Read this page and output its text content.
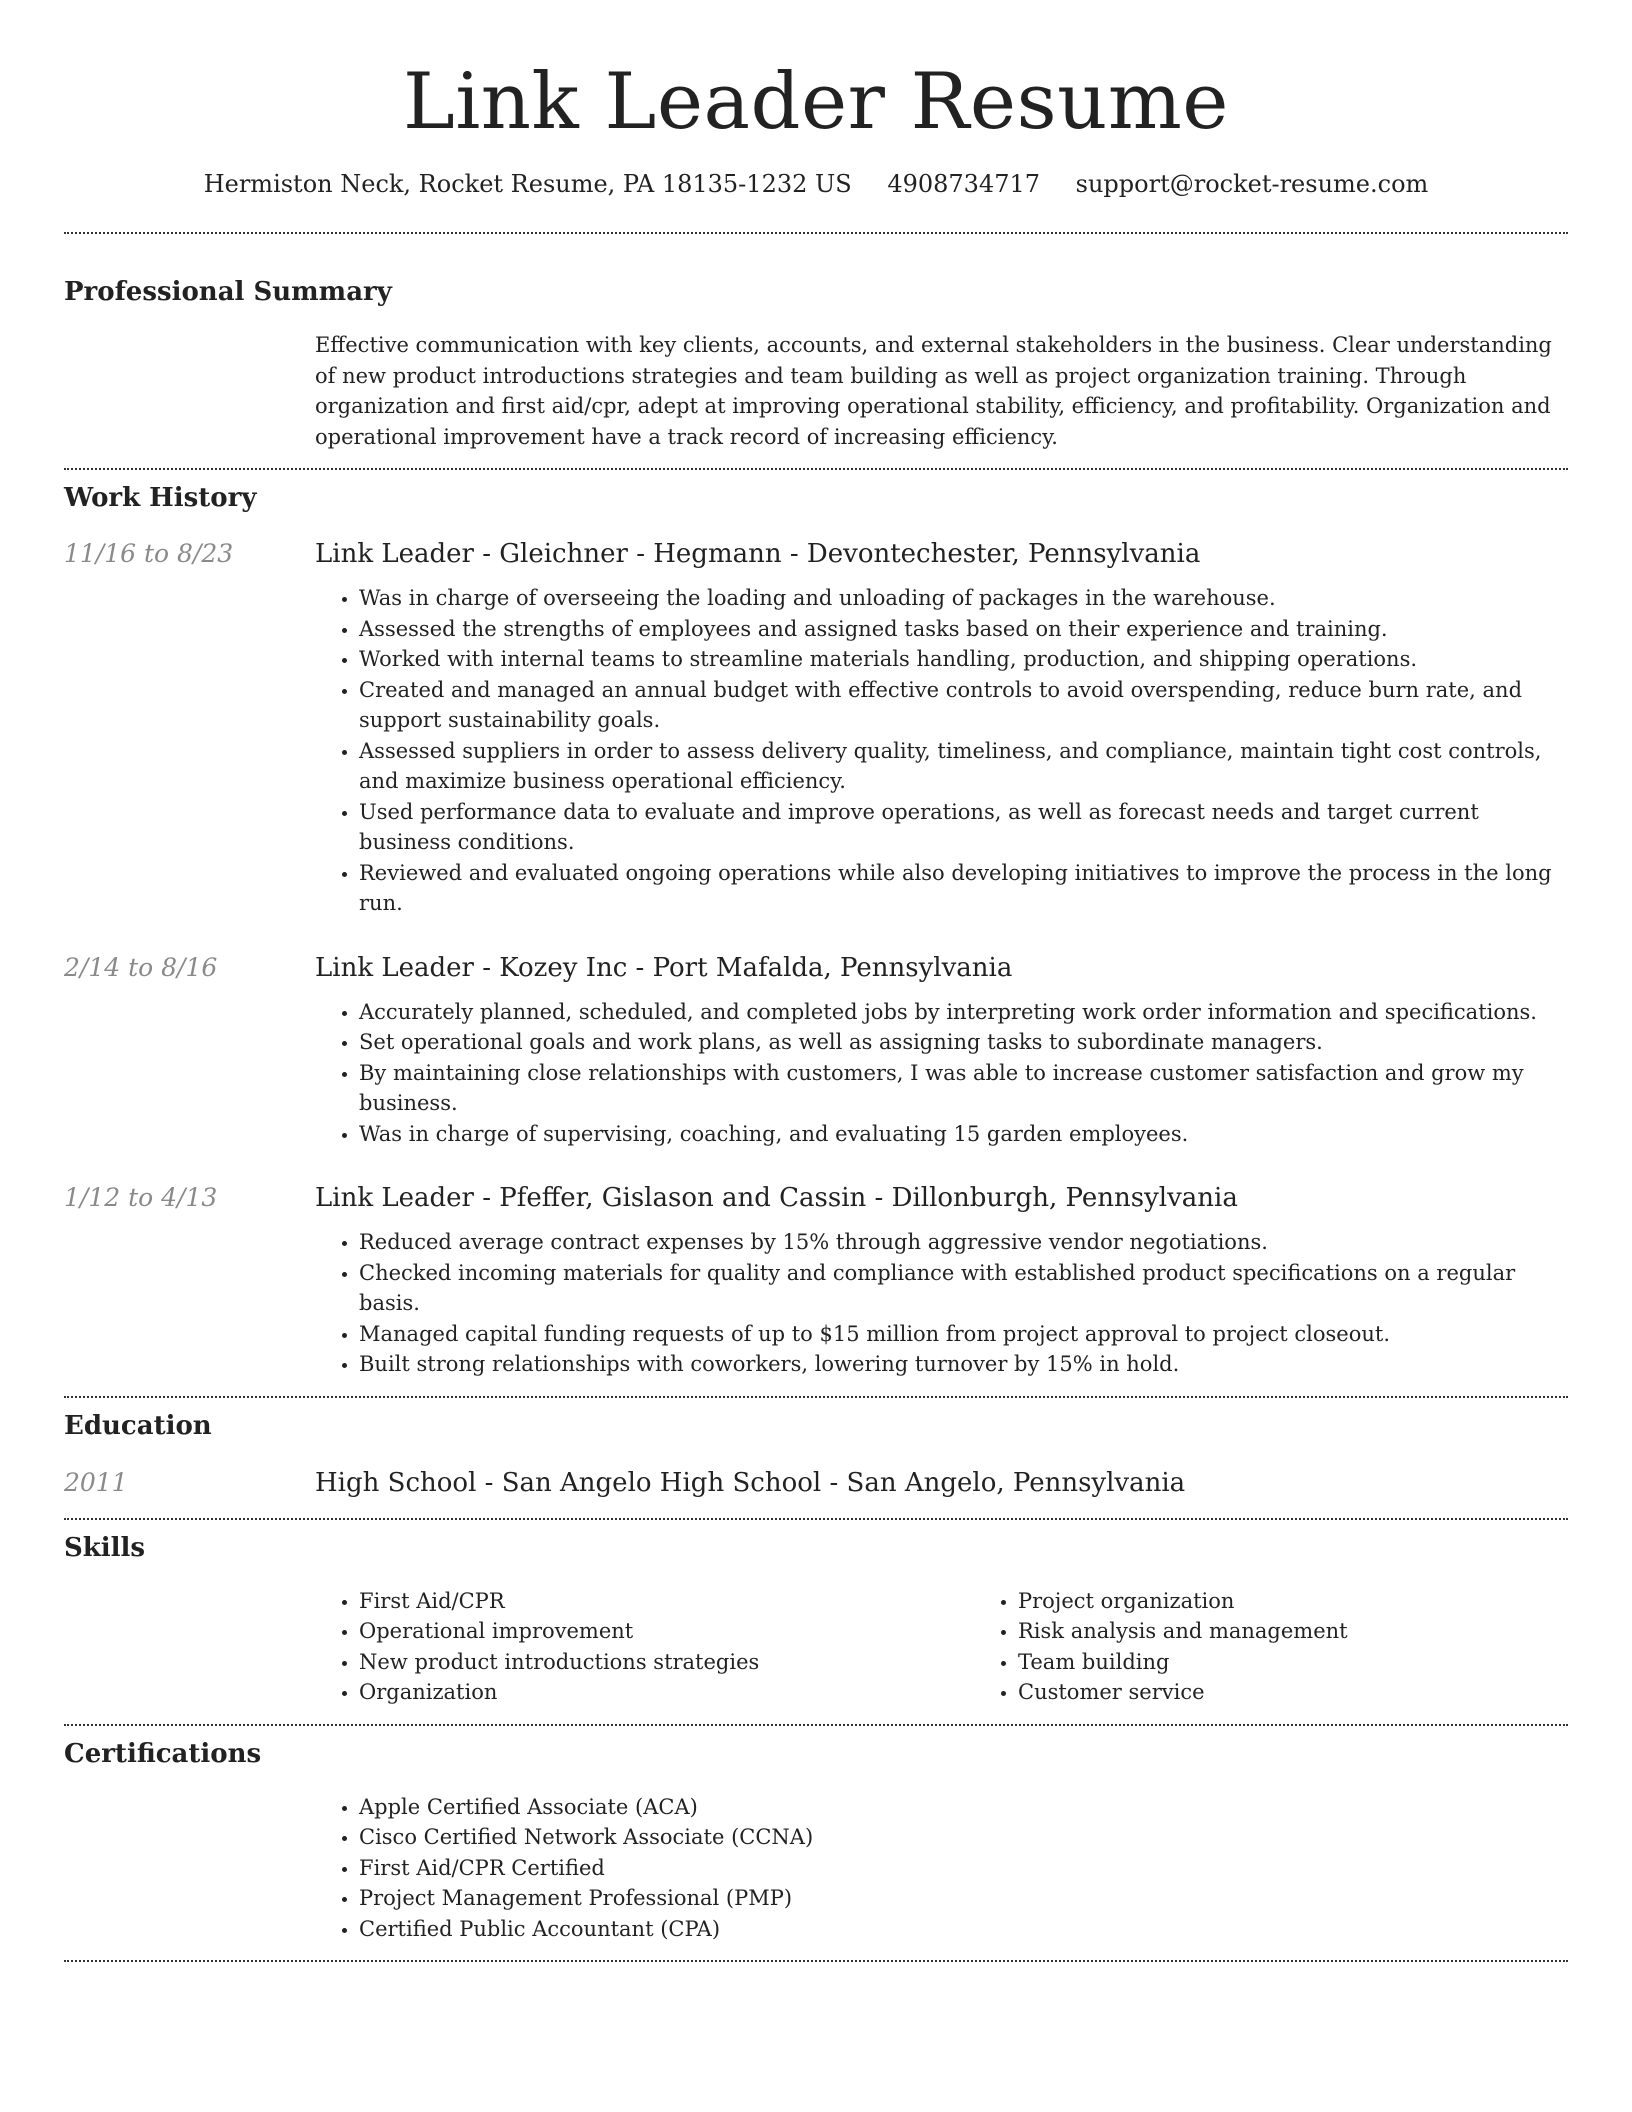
Link Leader Resume
Hermiston Neck, Rocket Resume, PA 18135-1232 US 4908734717 support@rocket-resume.com
Professional Summary

Effective communication with key clients, accounts, and external stakeholders in the business. Clear understanding of new product introductions strategies and team building as well as project organization training. Through organization and first aid/cpr, adept at improving operational stability, efficiency, and profitability. Organization and operational improvement have a track record of increasing efficiency.

Work History
11/16 to 8/23	Link Leader - Gleichner - Hegmann - Devontechester, Pennsylvania
• Was in charge of overseeing the loading and unloading of packages in the warehouse.
• Assessed the strengths of employees and assigned tasks based on their experience and training.
• Worked with internal teams to streamline materials handling, production, and shipping operations.
• Created and managed an annual budget with effective controls to avoid overspending, reduce burn rate, and support sustainability goals.
• Assessed suppliers in order to assess delivery quality, timeliness, and compliance, maintain tight cost controls, and maximize business operational efficiency.
• Used performance data to evaluate and improve operations, as well as forecast needs and target current business conditions.
• Reviewed and evaluated ongoing operations while also developing initiatives to improve the process in the long run.
2/14 to 8/16	Link Leader - Kozey Inc - Port Mafalda, Pennsylvania
• Accurately planned, scheduled, and completed jobs by interpreting work order information and specifications.
• Set operational goals and work plans, as well as assigning tasks to subordinate managers.
• By maintaining close relationships with customers, I was able to increase customer satisfaction and grow my business.
• Was in charge of supervising, coaching, and evaluating 15 garden employees.
1/12 to 4/13	Link Leader - Pfeffer, Gislason and Cassin - Dillonburgh, Pennsylvania
• Reduced average contract expenses by 15% through aggressive vendor negotiations.
• Checked incoming materials for quality and compliance with established product specifications on a regular basis.
• Managed capital funding requests of up to $15 million from project approval to project closeout.
• Built strong relationships with coworkers, lowering turnover by 15% in hold.
Education
2011	High School - San Angelo High School - San Angelo, Pennsylvania
Skills
• First Aid/CPR
• Operational improvement
• New product introductions strategies
• Organization
• Project organization
• Risk analysis and management
• Team building
• Customer service
Certifications
• Apple Certified Associate (ACA)
• Cisco Certified Network Associate (CCNA)
• First Aid/CPR Certified
• Project Management Professional (PMP)
• Certified Public Accountant (CPA)
